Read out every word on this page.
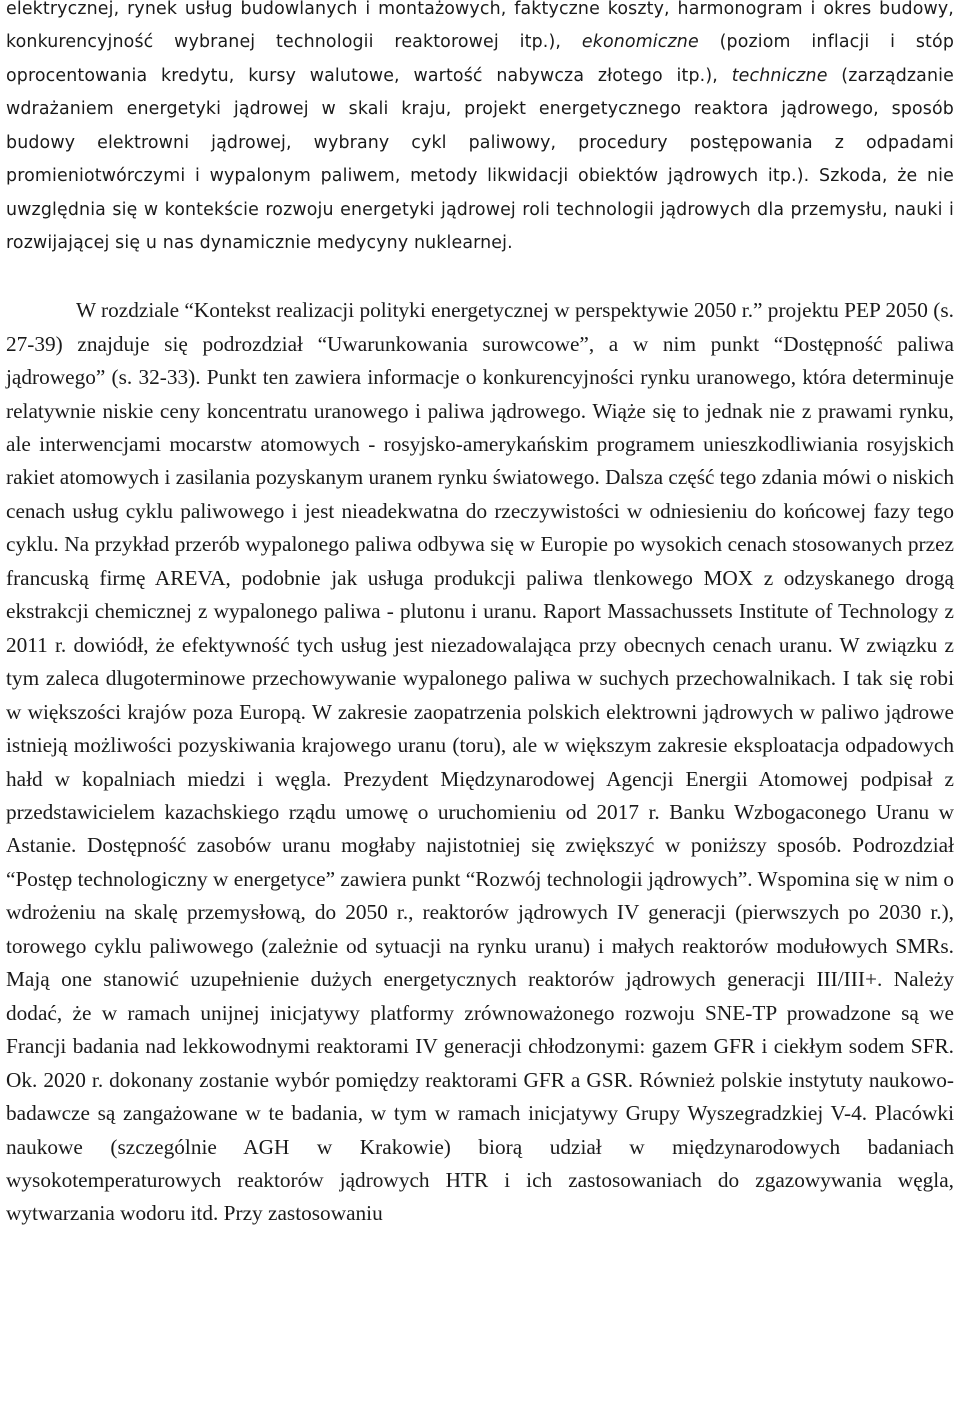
elektrycznej, rynek usług budowlanych i montażowych, faktyczne koszty, harmonogram i okres budowy, konkurencyjność wybranej technologii reaktorowej itp.), ekonomiczne (poziom inflacji i stóp oprocentowania kredytu, kursy walutowe, wartość nabywcza złotego itp.), techniczne (zarządzanie wdrażaniem energetyki jądrowej w skali kraju, projekt energetycznego reaktora jądrowego, sposób budowy elektrowni jądrowej, wybrany cykl paliwowy, procedury postępowania z odpadami promieniotwórczymi i wypalonym paliwem, metody likwidacji obiektów jądrowych itp.). Szkoda, że nie uwzględnia się w kontekście rozwoju energetyki jądrowej roli technologii jądrowych dla przemysłu, nauki i rozwijającej się u nas dynamicznie medycyny nuklearnej.

W rozdziale “Kontekst realizacji polityki energetycznej w perspektywie 2050 r.” projektu PEP 2050 (s. 27-39) znajduje się podrozdział “Uwarunkowania surowcowe”, a w nim punkt “Dostępność paliwa jądrowego” (s. 32-33). Punkt ten zawiera informacje o konkurencyjności rynku uranowego, która determinuje relatywnie niskie ceny koncentratu uranowego i paliwa jądrowego. Wiąże się to jednak nie z prawami rynku, ale interwencjami mocarstw atomowych - rosyjsko-amerykańskim programem unieszkodliwiania rosyjskich rakiet atomowych i zasilania pozyskanym uranem rynku światowego. Dalsza część tego zdania mówi o niskich cenach usług cyklu paliwowego i jest nieadekwatna do rzeczywistości w odniesieniu do końcowej fazy tego cyklu. Na przykład przerób wypalonego paliwa odbywa się w Europie po wysokich cenach stosowanych przez francuską firmę AREVA, podobnie jak usługa produkcji paliwa tlenkowego MOX z odzyskanego drogą ekstrakcji chemicznej z wypalonego paliwa - plutonu i uranu. Raport Massachussets Institute of Technology z 2011 r. dowiódł, że efektywność tych usług jest niezadowalająca przy obecnych cenach uranu. W związku z tym zaleca dlugoterminowe przechowywanie wypalonego paliwa w suchych przechowalnikach. I tak się robi w większości krajów poza Europą. W zakresie zaopatrzenia polskich elektrowni jądrowych w paliwo jądrowe istnieją możliwości pozyskiwania krajowego uranu (toru), ale w większym zakresie eksploatacja odpadowych hałd w kopalniach miedzi i węgla. Prezydent Międzynarodowej Agencji Energii Atomowej podpisał z przedstawicielem kazachskiego rządu umowę o uruchomieniu od 2017 r. Banku Wzbogaconego Uranu w Astanie. Dostępność zasobów uranu mogłaby najistotniej się zwiększyć w poniższy sposób. Podrozdział “Postęp technologiczny w energetyce” zawiera punkt “Rozwój technologii jądrowych”. Wspomina się w nim o wdrożeniu na skalę przemysłową, do 2050 r., reaktorów jądrowych IV generacji (pierwszych po 2030 r.), torowego cyklu paliwowego (zależnie od sytuacji na rynku uranu) i małych reaktorów modułowych SMRs. Mają one stanowić uzupełnienie dużych energetycznych reaktorów jądrowych generacji III/III+. Należy dodać, że w ramach unijnej inicjatywy platformy zrównoważonego rozwoju SNE-TP prowadzone są we Francji badania nad lekkowodnymi reaktorami IV generacji chłodzonymi: gazem GFR i ciekłym sodem SFR. Ok. 2020 r. dokonany zostanie wybór pomiędzy reaktorami GFR a GSR. Również polskie instytuty naukowo-badawcze są zangażowane w te badania, w tym w ramach inicjatywy Grupy Wyszegradzkiej V-4. Placówki naukowe (szczególnie AGH w Krakowie) biorą udział w międzynarodowych badaniach wysokotemperaturowych reaktorów jądrowych HTR i ich zastosowaniach do zgazowywania węgla, wytwarzania wodoru itd. Przy zastosowaniu
